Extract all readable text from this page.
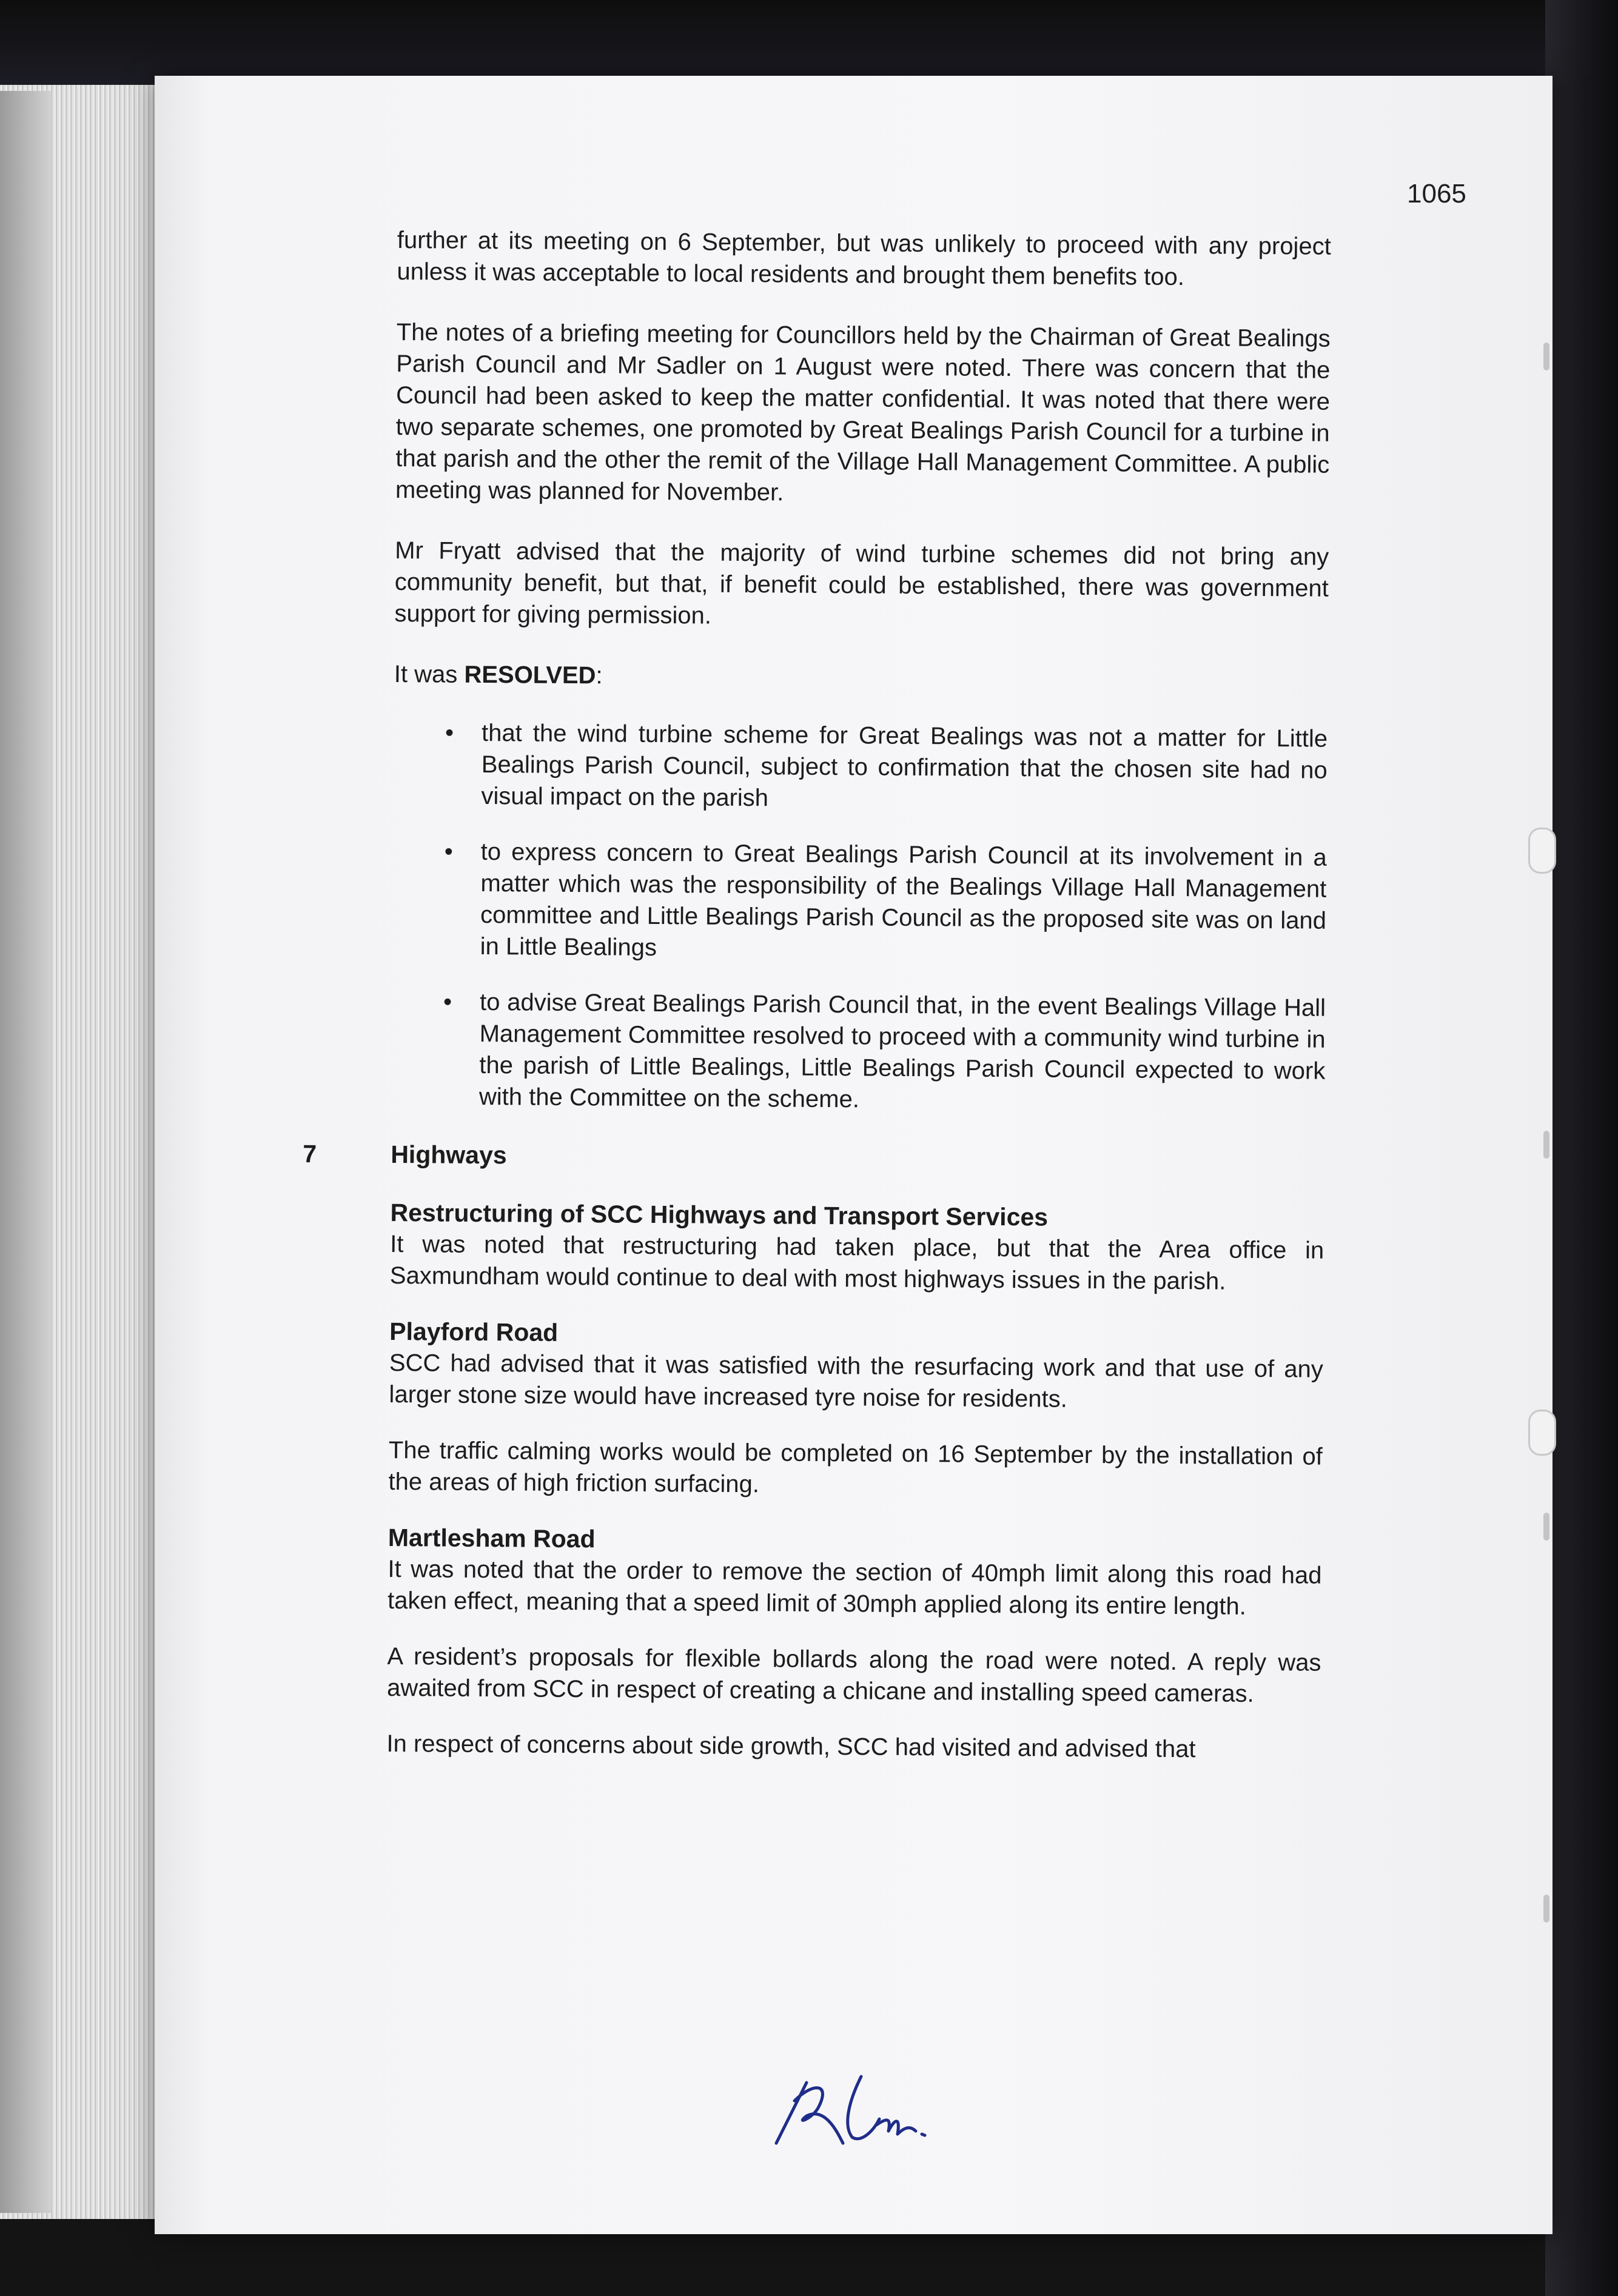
1065

further at its meeting on 6 September, but was unlikely to proceed with any project unless it was acceptable to local residents and brought them benefits too.

The notes of a briefing meeting for Councillors held by the Chairman of Great Bealings Parish Council and Mr Sadler on 1 August were noted. There was concern that the Council had been asked to keep the matter confidential. It was noted that there were two separate schemes, one promoted by Great Bealings Parish Council for a turbine in that parish and the other the remit of the Village Hall Management Committee. A public meeting was planned for November.

Mr Fryatt advised that the majority of wind turbine schemes did not bring any community benefit, but that, if benefit could be established, there was government support for giving permission.

It was RESOLVED:
• that the wind turbine scheme for Great Bealings was not a matter for Little Bealings Parish Council, subject to confirmation that the chosen site had no visual impact on the parish
• to express concern to Great Bealings Parish Council at its involvement in a matter which was the responsibility of the Bealings Village Hall Management committee and Little Bealings Parish Council as the proposed site was on land in Little Bealings
• to advise Great Bealings Parish Council that, in the event Bealings Village Hall Management Committee resolved to proceed with a community wind turbine in the parish of Little Bealings, Little Bealings Parish Council expected to work with the Committee on the scheme.
7	Highways
Restructuring of SCC Highways and Transport Services

It was noted that restructuring had taken place, but that the Area office in Saxmundham would continue to deal with most highways issues in the parish.

Playford Road

SCC had advised that it was satisfied with the resurfacing work and that use of any larger stone size would have increased tyre noise for residents.

The traffic calming works would be completed on 16 September by the installation of the areas of high friction surfacing.

Martlesham Road

It was noted that the order to remove the section of 40mph limit along this road had taken effect, meaning that a speed limit of 30mph applied along its entire length.

A resident’s proposals for flexible bollards along the road were noted. A reply was awaited from SCC in respect of creating a chicane and installing speed cameras.

In respect of concerns about side growth, SCC had visited and advised that
